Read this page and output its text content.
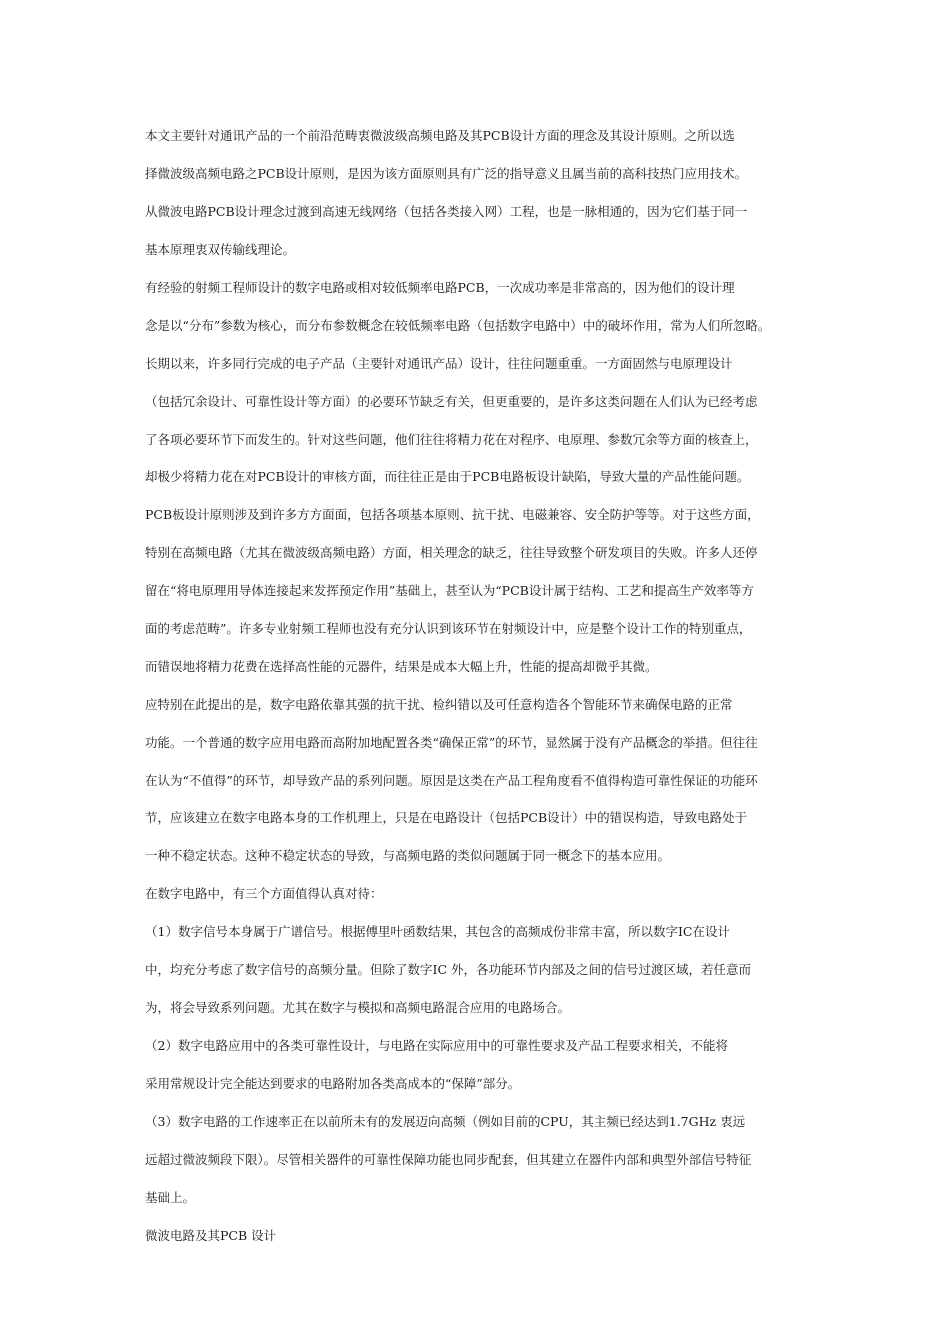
本文主要针对通讯产品的一个前沿范畴衷微波级高频电路及其PCB设计方面的理念及其设计原则。之所以选

择微波级高频电路之PCB设计原则，是因为该方面原则具有广泛的指导意义且属当前的高科技热门应用技术。

从微波电路PCB设计理念过渡到高速无线网络（包括各类接入网）工程，也是一脉相通的，因为它们基于同一

基本原理衷双传输线理论。

有经验的射频工程师设计的数字电路或相对较低频率电路PCB，一次成功率是非常高的，因为他们的设计理

念是以“分布”参数为核心，而分布参数概念在较低频率电路（包括数字电路中）中的破坏作用，常为人们所忽略。

长期以来，许多同行完成的电子产品（主要针对通讯产品）设计，往往问题重重。一方面固然与电原理设计

（包括冗余设计、可靠性设计等方面）的必要环节缺乏有关，但更重要的，是许多这类问题在人们认为已经考虑

了各项必要环节下而发生的。针对这些问题，他们往往将精力花在对程序、电原理、参数冗余等方面的核查上，

却极少将精力花在对PCB设计的审核方面，而往往正是由于PCB电路板设计缺陷，导致大量的产品性能问题。

PCB板设计原则涉及到许多方方面面，包括各项基本原则、抗干扰、电磁兼容、安全防护等等。对于这些方面，

特别在高频电路（尤其在微波级高频电路）方面，相关理念的缺乏，往往导致整个研发项目的失败。许多人还停

留在“将电原理用导体连接起来发挥预定作用”基础上，甚至认为“PCB设计属于结构、工艺和提高生产效率等方

面的考虑范畴”。许多专业射频工程师也没有充分认识到该环节在射频设计中，应是整个设计工作的特别重点，

而错误地将精力花费在选择高性能的元器件，结果是成本大幅上升，性能的提高却微乎其微。

应特别在此提出的是，数字电路依靠其强的抗干扰、检纠错以及可任意构造各个智能环节来确保电路的正常

功能。一个普通的数字应用电路而高附加地配置各类“确保正常”的环节，显然属于没有产品概念的举措。但往往

在认为“不值得”的环节，却导致产品的系列问题。原因是这类在产品工程角度看不值得构造可靠性保证的功能环

节，应该建立在数字电路本身的工作机理上，只是在电路设计（包括PCB设计）中的错误构造，导致电路处于

一种不稳定状态。这种不稳定状态的导致，与高频电路的类似问题属于同一概念下的基本应用。

在数字电路中，有三个方面值得认真对待：

（1）数字信号本身属于广谱信号。根据傅里叶函数结果，其包含的高频成份非常丰富，所以数字IC在设计

中，均充分考虑了数字信号的高频分量。但除了数字IC 外，各功能环节内部及之间的信号过渡区域，若任意而

为，将会导致系列问题。尤其在数字与模拟和高频电路混合应用的电路场合。

（2）数字电路应用中的各类可靠性设计，与电路在实际应用中的可靠性要求及产品工程要求相关，不能将

采用常规设计完全能达到要求的电路附加各类高成本的“保障”部分。

（3）数字电路的工作速率正在以前所未有的发展迈向高频（例如目前的CPU，其主频已经达到1.7GHz 衷远

远超过微波频段下限）。尽管相关器件的可靠性保障功能也同步配套，但其建立在器件内部和典型外部信号特征

基础上。

微波电路及其PCB 设计
